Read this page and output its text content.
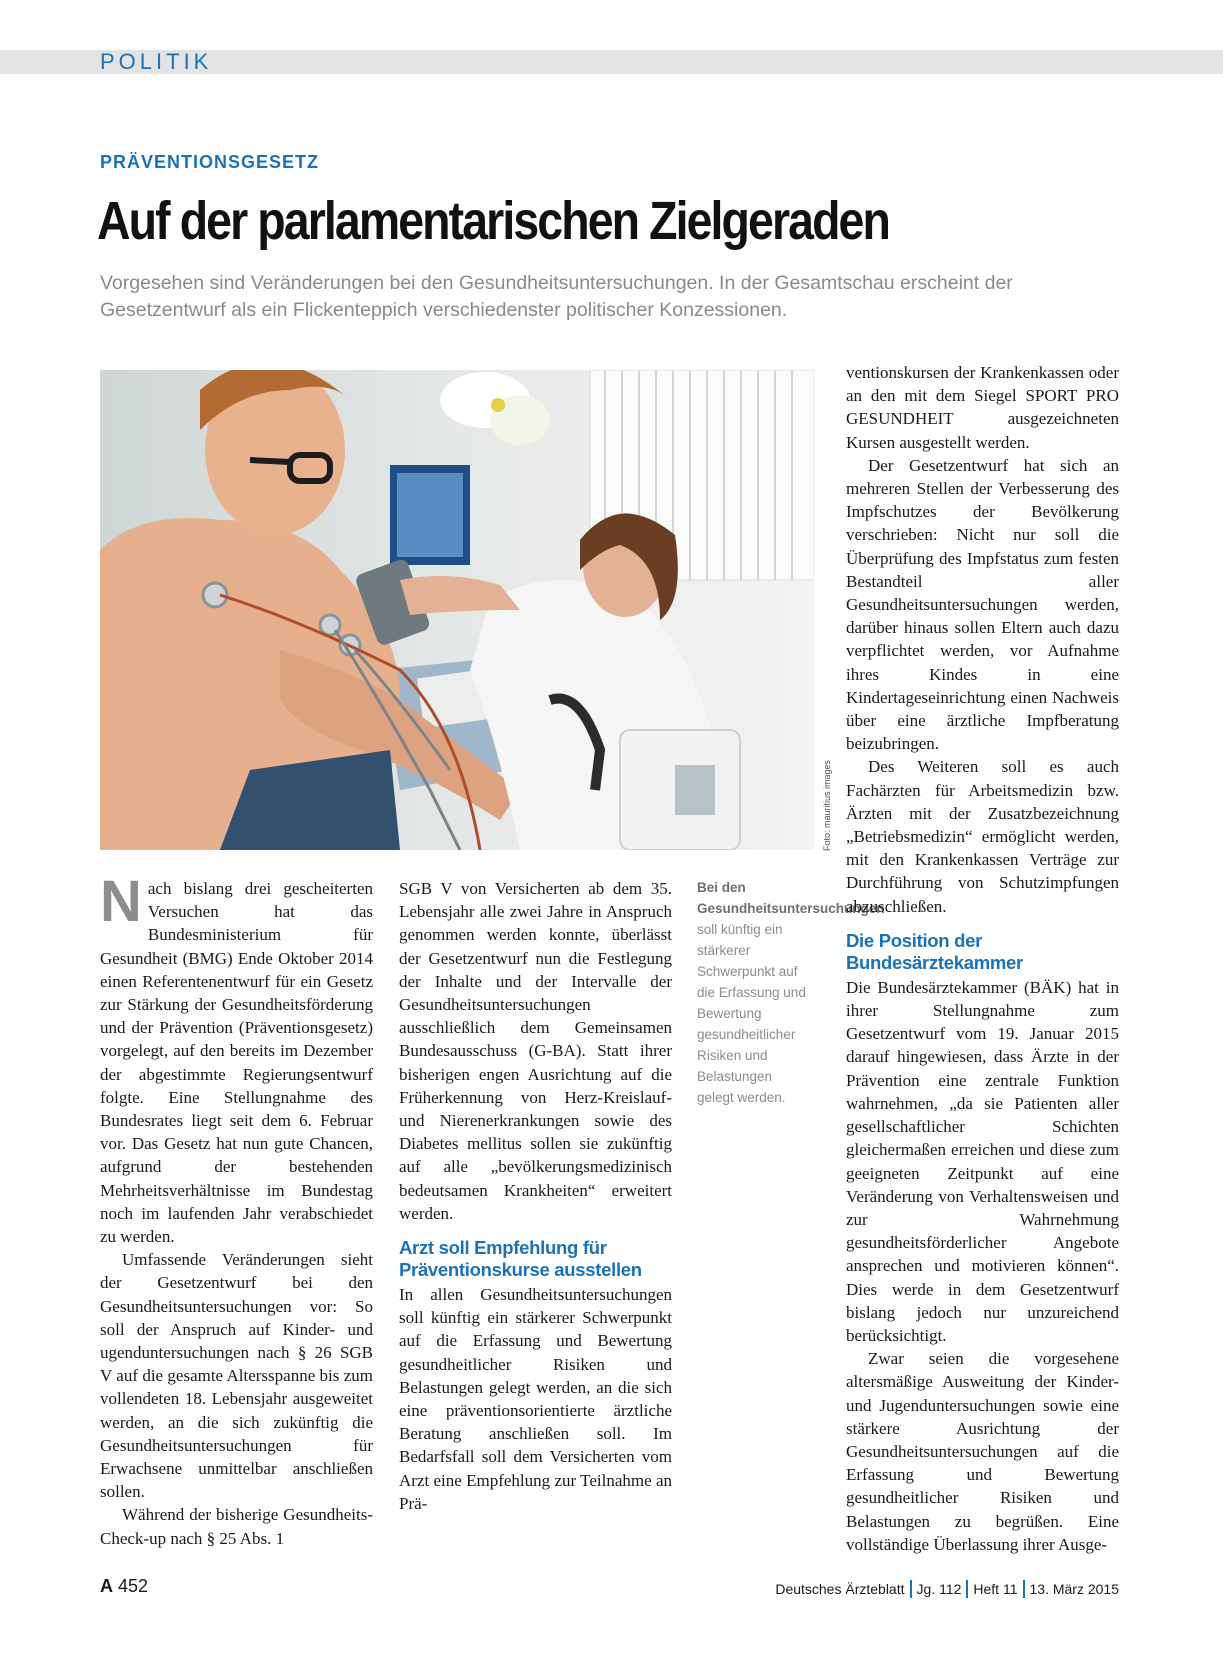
POLITIK
PRÄVENTIONSGESETZ
Auf der parlamentarischen Zielgeraden

Vorgesehen sind Veränderungen bei den Gesundheitsuntersuchungen. In der Gesamtschau erscheint der Gesetzentwurf als ein Flickenteppich verschiedenster politischer Konzessionen.

Foto: mauritius images

Nach bislang drei gescheiterten Versuchen hat das Bundesministerium für Gesundheit (BMG) Ende Oktober 2014 einen Referentenentwurf für ein Gesetz zur Stärkung der Gesundheitsförderung und der Prävention (Präventionsgesetz) vorgelegt, auf den bereits im Dezember der abgestimmte Regierungsentwurf folgte. Eine Stellungnahme des Bundesrates liegt seit dem 6. Februar vor. Das Gesetz hat nun gute Chancen, aufgrund der bestehenden Mehrheitsverhältnisse im Bundestag noch im laufenden Jahr verabschiedet zu werden.

Umfassende Veränderungen sieht der Gesetzentwurf bei den Gesundheitsuntersuchungen vor: So soll der Anspruch auf Kinder- und ugenduntersuchungen nach § 26 SGB V auf die gesamte Altersspanne bis zum vollendeten 18. Lebensjahr ausgeweitet werden, an die sich zukünftig die Gesundheitsuntersuchungen für Erwachsene unmittelbar anschließen sollen.

Während der bisherige Gesundheits-Check-up nach § 25 Abs. 1

SGB V von Versicherten ab dem 35. Lebensjahr alle zwei Jahre in Anspruch genommen werden konnte, überlässt der Gesetzentwurf nun die Festlegung der Inhalte und der Intervalle der Gesundheitsuntersuchungen ausschließlich dem Gemeinsamen Bundesausschuss (G-BA). Statt ihrer bisherigen engen Ausrichtung auf die Früherkennung von Herz-Kreislauf- und Nierenerkrankungen sowie des Diabetes mellitus sollen sie zukünftig auf alle „bevölkerungsmedizinisch bedeutsamen Krankheiten“ erweitert werden.

Arzt soll Empfehlung für Präventionskurse ausstellen

In allen Gesundheitsuntersuchungen soll künftig ein stärkerer Schwerpunkt auf die Erfassung und Bewertung gesundheitlicher Risiken und Belastungen gelegt werden, an die sich eine präventionsorientierte ärztliche Beratung anschließen soll. Im Bedarfsfall soll dem Versicherten vom Arzt eine Empfehlung zur Teilnahme an Prä-

Bei den Gesundheitsuntersuchungen soll künftig ein stärkerer Schwerpunkt auf die Erfassung und Bewertung gesundheitlicher Risiken und Belastungen gelegt werden.

ventionskursen der Krankenkassen oder an den mit dem Siegel SPORT PRO GESUNDHEIT ausgezeichneten Kursen ausgestellt werden.

Der Gesetzentwurf hat sich an mehreren Stellen der Verbesserung des Impfschutzes der Bevölkerung verschrieben: Nicht nur soll die Überprüfung des Impfstatus zum festen Bestandteil aller Gesundheitsuntersuchungen werden, darüber hinaus sollen Eltern auch dazu verpflichtet werden, vor Aufnahme ihres Kindes in eine Kindertageseinrichtung einen Nachweis über eine ärztliche Impfberatung beizubringen.

Des Weiteren soll es auch Fachärzten für Arbeitsmedizin bzw. Ärzten mit der Zusatzbezeichnung „Betriebsmedizin“ ermöglicht werden, mit den Krankenkassen Verträge zur Durchführung von Schutzimpfungen abzuschließen.

Die Position der Bundesärztekammer

Die Bundesärztekammer (BÄK) hat in ihrer Stellungnahme zum Gesetzentwurf vom 19. Januar 2015 darauf hingewiesen, dass Ärzte in der Prävention eine zentrale Funktion wahrnehmen, „da sie Patienten aller gesellschaftlicher Schichten gleichermaßen erreichen und diese zum geeigneten Zeitpunkt auf eine Veränderung von Verhaltensweisen und zur Wahrnehmung gesundheitsförderlicher Angebote ansprechen und motivieren können“. Dies werde in dem Gesetzentwurf bislang jedoch nur unzureichend berücksichtigt.

Zwar seien die vorgesehene altersmäßige Ausweitung der Kinder- und Jugenduntersuchungen sowie eine stärkere Ausrichtung der Gesundheitsuntersuchungen auf die Erfassung und Bewertung gesundheitlicher Risiken und Belastungen zu begrüßen. Eine vollständige Überlassung ihrer Ausge-

A 452	Deutsches Ärzteblatt Jg. 112 Heft 11 13. März 2015
